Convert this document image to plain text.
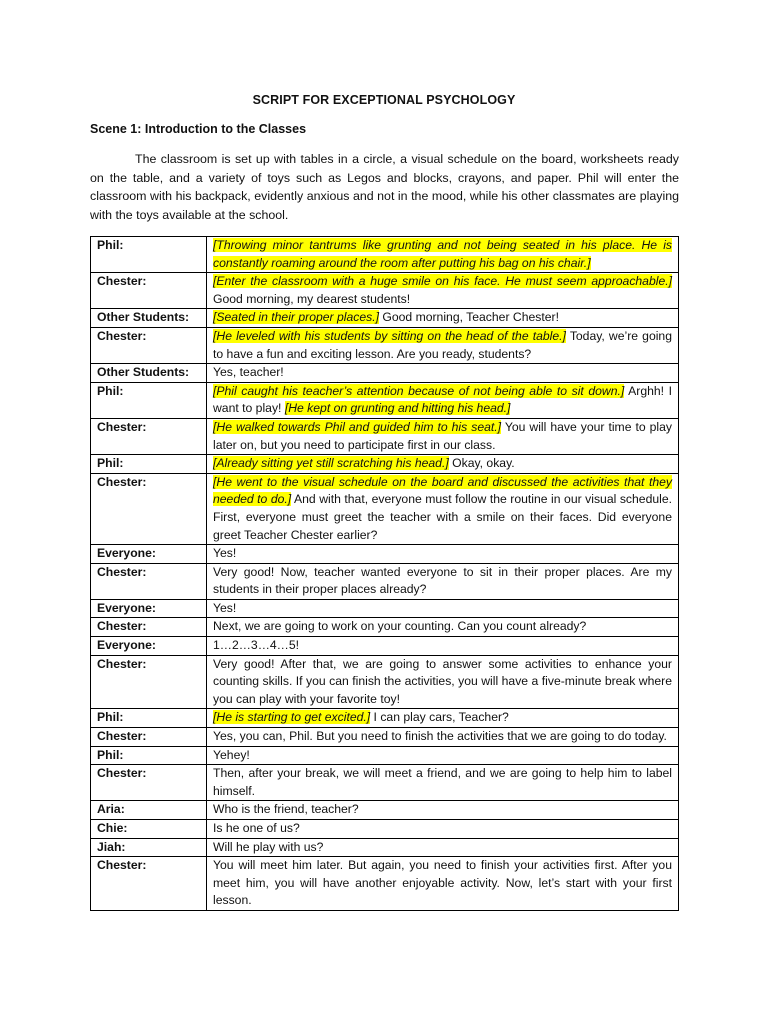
SCRIPT FOR EXCEPTIONAL PSYCHOLOGY
Scene 1: Introduction to the Classes

The classroom is set up with tables in a circle, a visual schedule on the board, worksheets ready on the table, and a variety of toys such as Legos and blocks, crayons, and paper. Phil will enter the classroom with his backpack, evidently anxious and not in the mood, while his other classmates are playing with the toys available at the school.

Phil:	[Throwing minor tantrums like grunting and not being seated in his place. He is constantly roaming around the room after putting his bag on his chair.]
Chester:	[Enter the classroom with a huge smile on his face. He must seem approachable.] Good morning, my dearest students!
Other Students:	[Seated in their proper places.] Good morning, Teacher Chester!
Chester:	[He leveled with his students by sitting on the head of the table.] Today, we’re going to have a fun and exciting lesson. Are you ready, students?
Other Students:	Yes, teacher!
Phil:	[Phil caught his teacher’s attention because of not being able to sit down.] Arghh! I want to play! [He kept on grunting and hitting his head.]
Chester:	[He walked towards Phil and guided him to his seat.] You will have your time to play later on, but you need to participate first in our class.
Phil:	[Already sitting yet still scratching his head.] Okay, okay.
Chester:	[He went to the visual schedule on the board and discussed the activities that they needed to do.] And with that, everyone must follow the routine in our visual schedule. First, everyone must greet the teacher with a smile on their faces. Did everyone greet Teacher Chester earlier?
Everyone:	Yes!
Chester:	Very good! Now, teacher wanted everyone to sit in their proper places. Are my students in their proper places already?
Everyone:	Yes!
Chester:	Next, we are going to work on your counting. Can you count already?
Everyone:	1…2…3…4…5!
Chester:	Very good! After that, we are going to answer some activities to enhance your counting skills. If you can finish the activities, you will have a five-minute break where you can play with your favorite toy!
Phil:	[He is starting to get excited.] I can play cars, Teacher?
Chester:	Yes, you can, Phil. But you need to finish the activities that we are going to do today.
Phil:	Yehey!
Chester:	Then, after your break, we will meet a friend, and we are going to help him to label himself.
Aria:	Who is the friend, teacher?
Chie:	Is he one of us?
Jiah:	Will he play with us?
Chester:	You will meet him later. But again, you need to finish your activities first. After you meet him, you will have another enjoyable activity. Now, let’s start with your first lesson.
